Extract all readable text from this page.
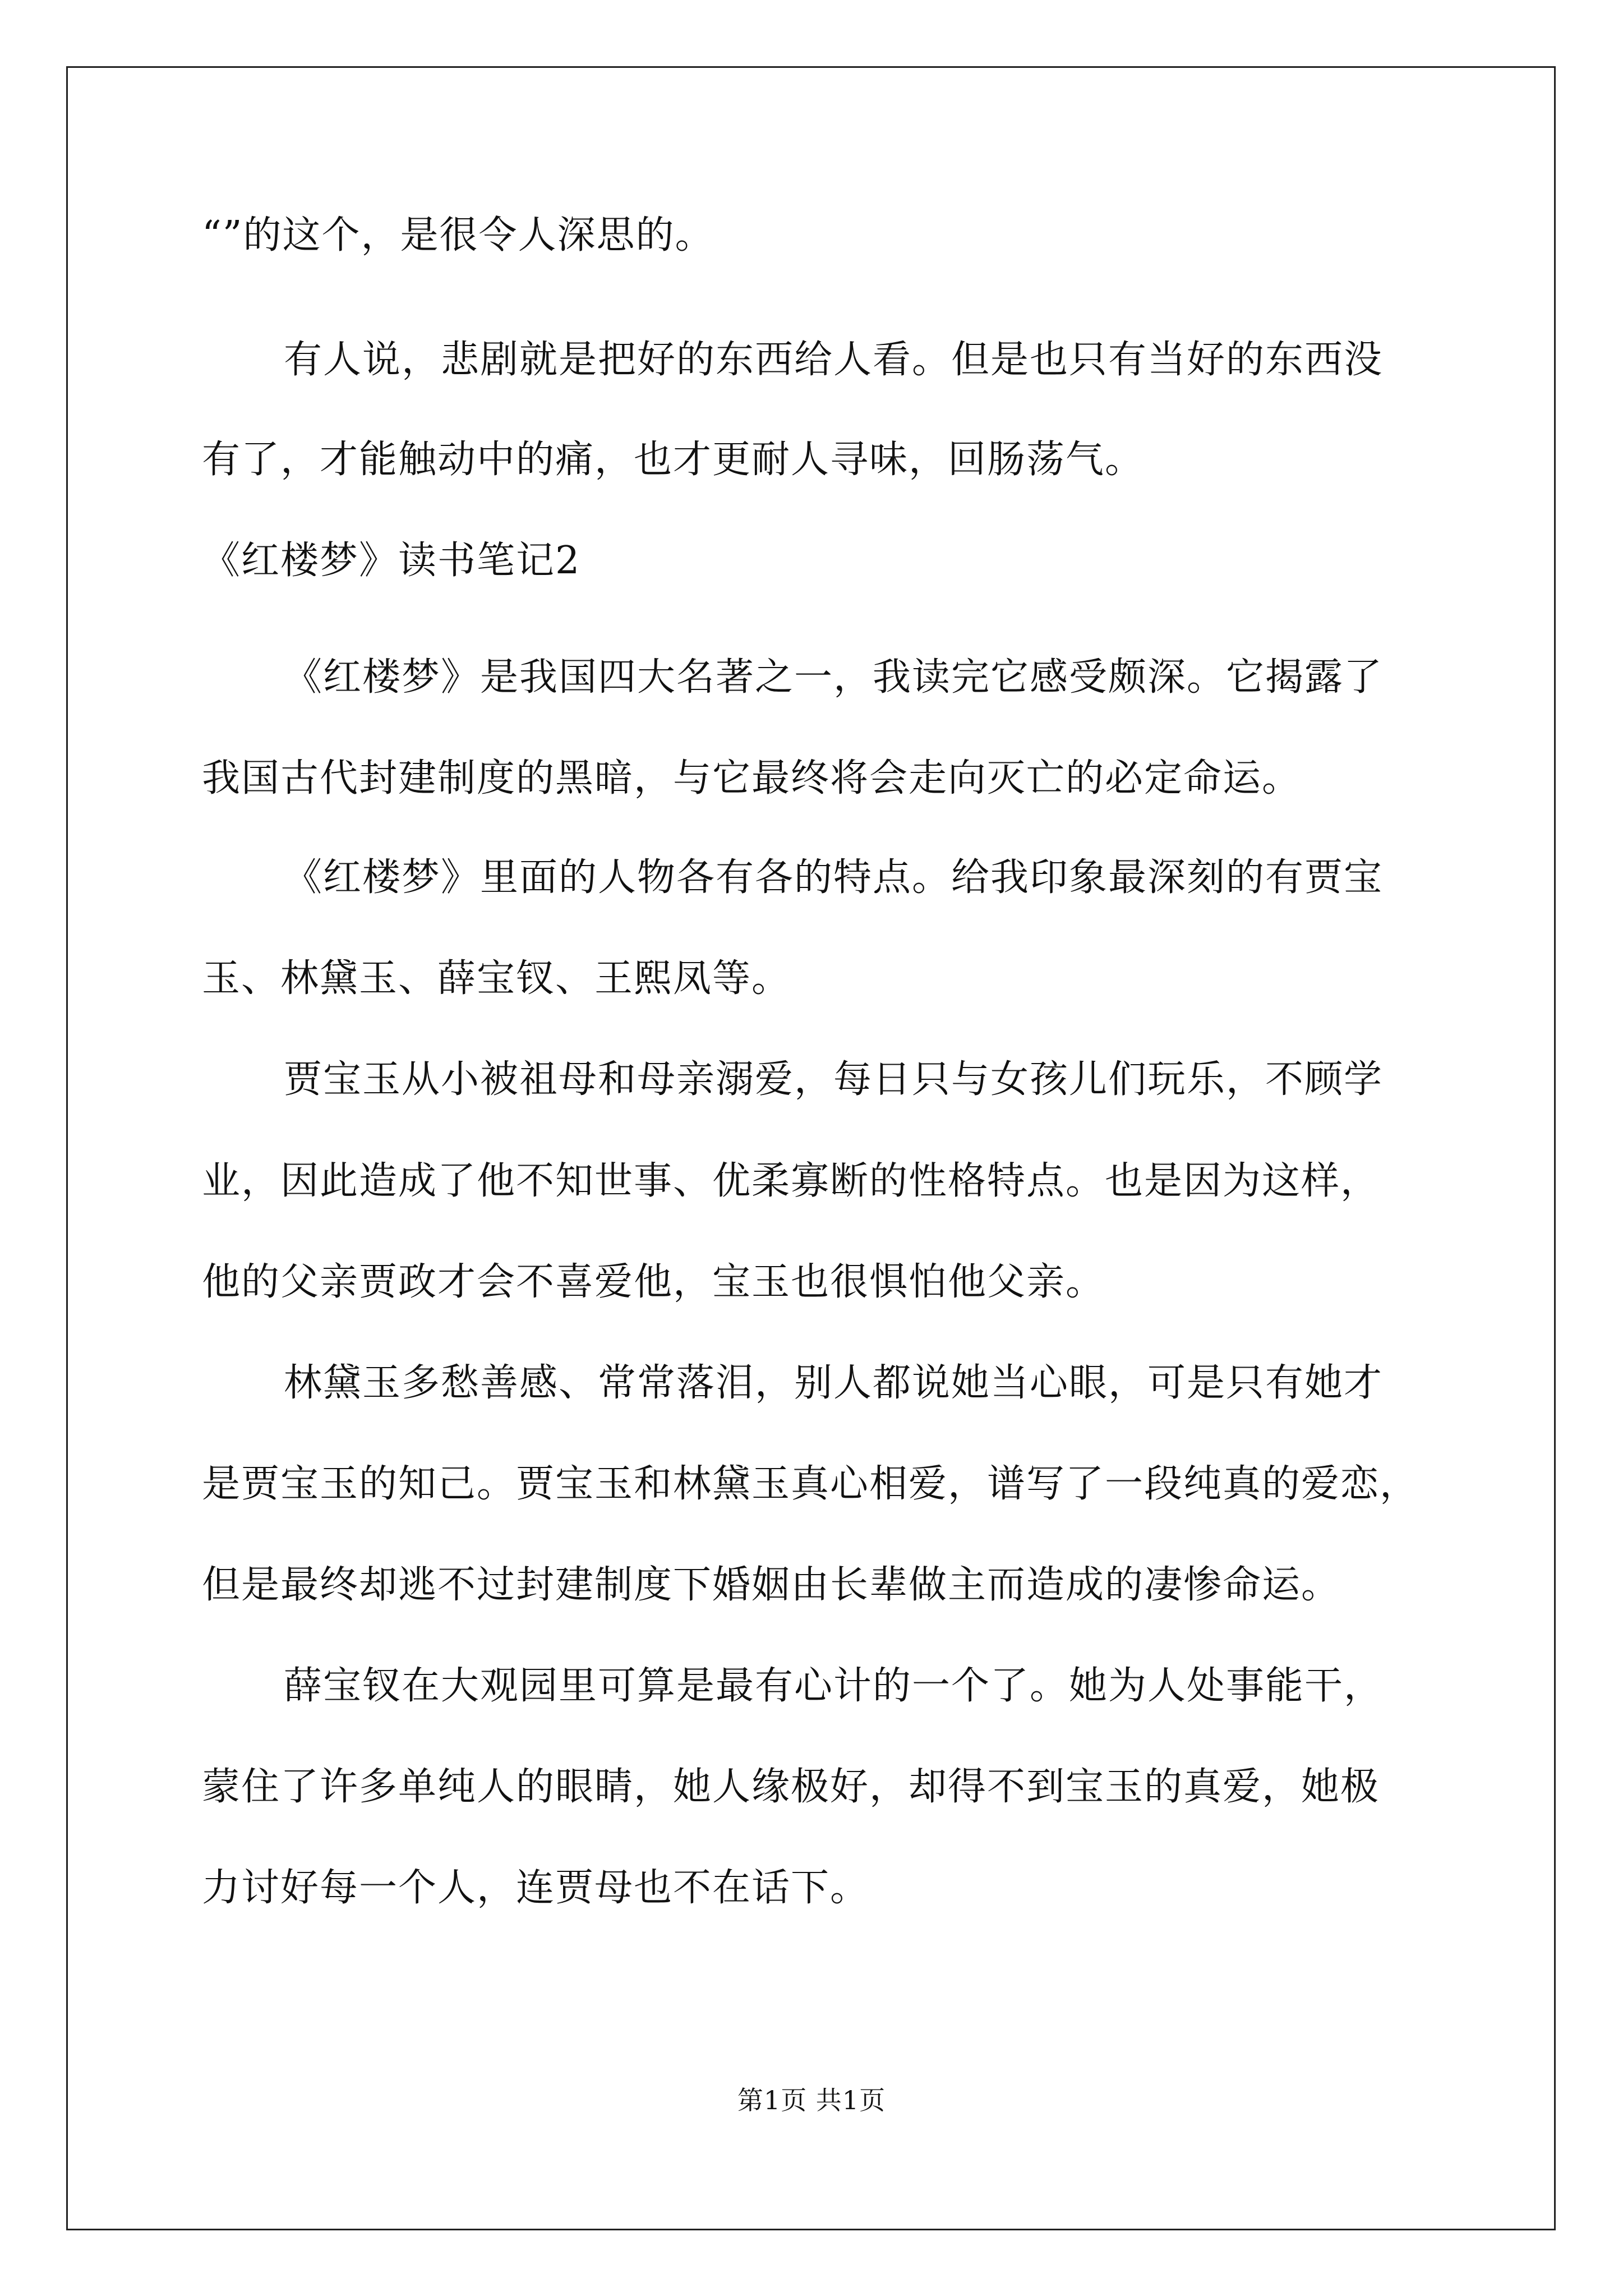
“”的这个，是很令人深思的。
有人说，悲剧就是把好的东西给人看。但是也只有当好的东西没
有了，才能触动中的痛，也才更耐人寻味，回肠荡气。
《红楼梦》读书笔记2
《红楼梦》是我国四大名著之一，我读完它感受颇深。它揭露了
我国古代封建制度的黑暗，与它最终将会走向灭亡的必定命运。
《红楼梦》里面的人物各有各的特点。给我印象最深刻的有贾宝
玉、林黛玉、薛宝钗、王熙凤等。
贾宝玉从小被祖母和母亲溺爱，每日只与女孩儿们玩乐，不顾学
业，因此造成了他不知世事、优柔寡断的性格特点。也是因为这样，
他的父亲贾政才会不喜爱他，宝玉也很惧怕他父亲。
林黛玉多愁善感、常常落泪，别人都说她当心眼，可是只有她才
是贾宝玉的知己。贾宝玉和林黛玉真心相爱，谱写了一段纯真的爱恋，
但是最终却逃不过封建制度下婚姻由长辈做主而造成的凄惨命运。
薛宝钗在大观园里可算是最有心计的一个了。她为人处事能干，
蒙住了许多单纯人的眼睛，她人缘极好，却得不到宝玉的真爱，她极
力讨好每一个人，连贾母也不在话下。
第1页 共1页
